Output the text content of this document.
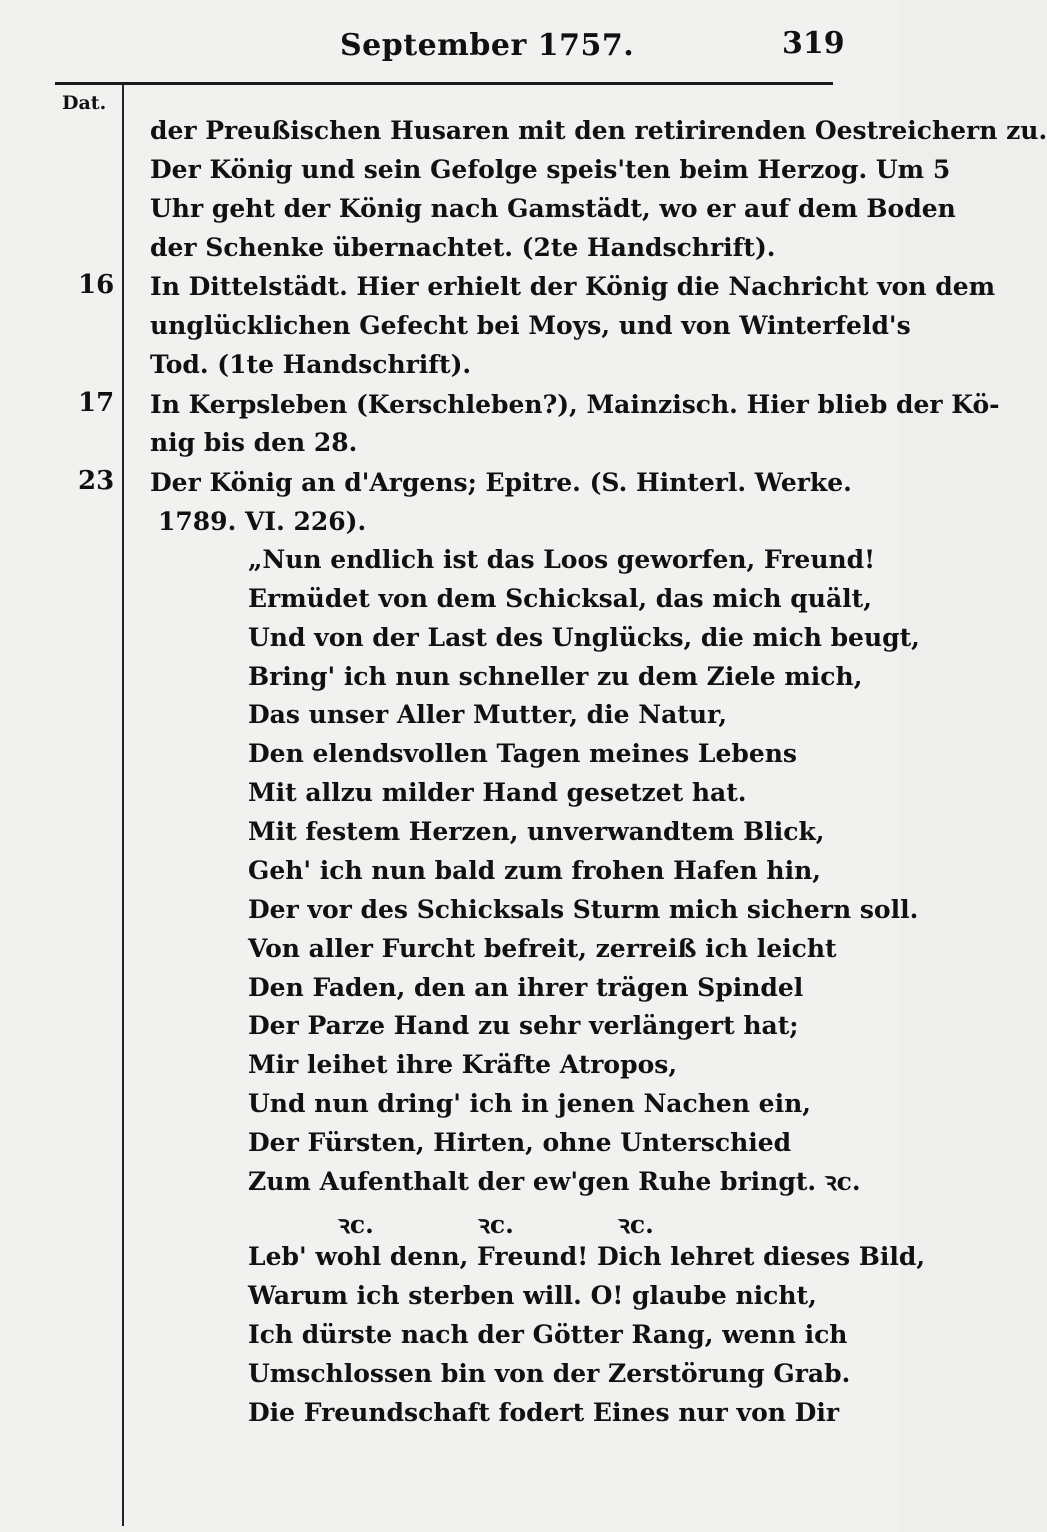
September 1757.	319
Dat.
der Preußischen Husaren mit den retirirenden Oestreichern zu.
Der König und sein Gefolge speis'ten beim Herzog. Um 5
Uhr geht der König nach Gamstädt, wo er auf dem Boden
der Schenke übernachtet. (2te Handschrift).
16 In Dittelstädt. Hier erhielt der König die Nachricht von dem
unglücklichen Gefecht bei Moys, und von Winterfeld's
Tod. (1te Handschrift).
17 In Kerpsleben (Kerschleben?), Mainzisch. Hier blieb der Kö-
nig bis den 28.
23 Der König an d'Argens; Epitre. (S. Hinterl. Werke.
1789. VI. 226).
„Nun endlich ist das Loos geworfen, Freund!
Ermüdet von dem Schicksal, das mich quält,
Und von der Last des Unglücks, die mich beugt,
Bring' ich nun schneller zu dem Ziele mich,
Das unser Aller Mutter, die Natur,
Den elendsvollen Tagen meines Lebens
Mit allzu milder Hand gesetzet hat.
Mit festem Herzen, unverwandtem Blick,
Geh' ich nun bald zum frohen Hafen hin,
Der vor des Schicksals Sturm mich sichern soll.
Von aller Furcht befreit, zerreiß ich leicht
Den Faden, den an ihrer trägen Spindel
Der Parze Hand zu sehr verlängert hat;
Mir leihet ihre Kräfte Atropos,
Und nun dring' ich in jenen Nachen ein,
Der Fürsten, Hirten, ohne Unterschied
Zum Aufenthalt der ew'gen Ruhe bringt. ꝛc.
ꝛc.	ꝛc.	ꝛc.
Leb' wohl denn, Freund! Dich lehret dieses Bild,
Warum ich sterben will. O! glaube nicht,
Ich dürste nach der Götter Rang, wenn ich
Umschlossen bin von der Zerstörung Grab.
Die Freundschaft fodert Eines nur von Dir
